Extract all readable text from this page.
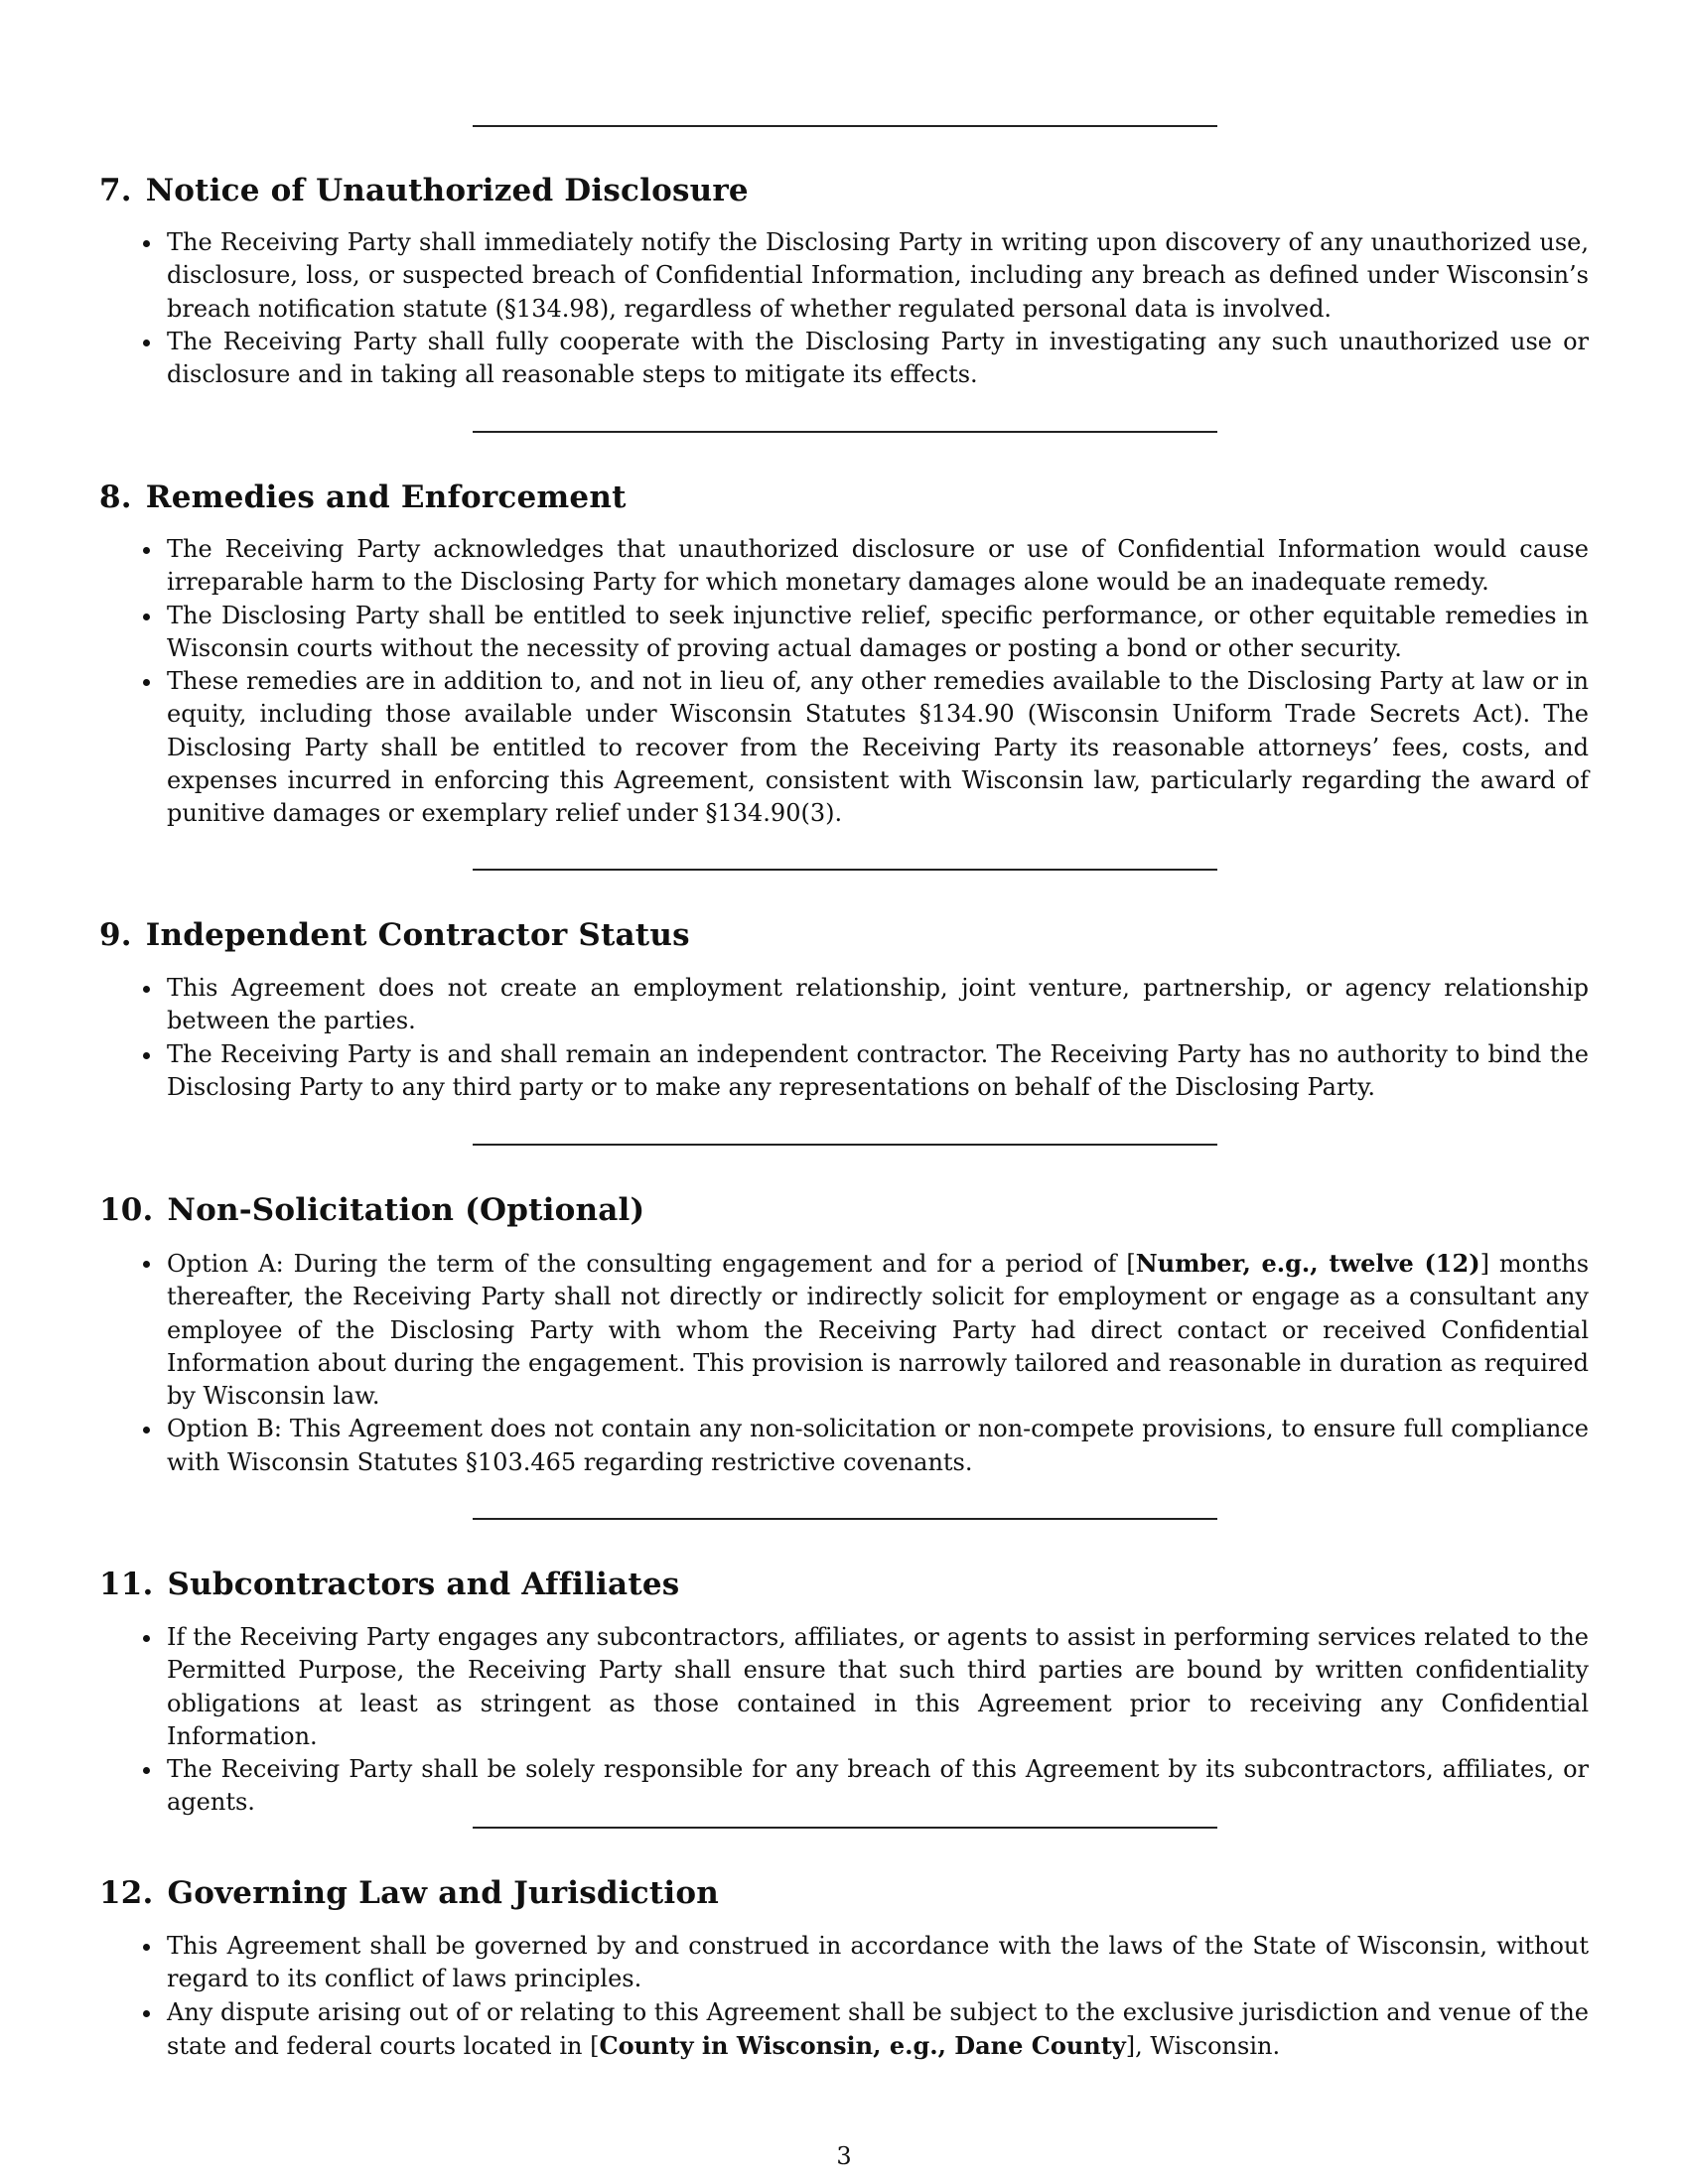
7. Notice of Unauthorized Disclosure
The Receiving Party shall immediately notify the Disclosing Party in writing upon discovery of any unauthorized use, disclosure, loss, or suspected breach of Confidential Information, including any breach as defined under Wisconsin’s breach notification statute (§134.98), regardless of whether regulated personal data is involved.
The Receiving Party shall fully cooperate with the Disclosing Party in investigating any such unauthorized use or disclosure and in taking all reasonable steps to mitigate its effects.
8. Remedies and Enforcement
The Receiving Party acknowledges that unauthorized disclosure or use of Confidential Information would cause irreparable harm to the Disclosing Party for which monetary damages alone would be an inadequate remedy.
The Disclosing Party shall be entitled to seek injunctive relief, specific performance, or other equitable remedies in Wisconsin courts without the necessity of proving actual damages or posting a bond or other security.
These remedies are in addition to, and not in lieu of, any other remedies available to the Disclosing Party at law or in equity, including those available under Wisconsin Statutes §134.90 (Wisconsin Uniform Trade Secrets Act). The Disclosing Party shall be entitled to recover from the Receiving Party its reasonable attorneys’ fees, costs, and expenses incurred in enforcing this Agreement, consistent with Wisconsin law, particularly regarding the award of punitive damages or exemplary relief under §134.90(3).
9. Independent Contractor Status
This Agreement does not create an employment relationship, joint venture, partnership, or agency relationship between the parties.
The Receiving Party is and shall remain an independent contractor. The Receiving Party has no authority to bind the Disclosing Party to any third party or to make any representations on behalf of the Disclosing Party.
10. Non-Solicitation (Optional)
Option A: During the term of the consulting engagement and for a period of [Number, e.g., twelve (12)] months thereafter, the Receiving Party shall not directly or indirectly solicit for employment or engage as a consultant any employee of the Disclosing Party with whom the Receiving Party had direct contact or received Confidential Information about during the engagement. This provision is narrowly tailored and reasonable in duration as required by Wisconsin law.
Option B: This Agreement does not contain any non-solicitation or non-compete provisions, to ensure full compliance with Wisconsin Statutes §103.465 regarding restrictive covenants.
11. Subcontractors and Affiliates
If the Receiving Party engages any subcontractors, affiliates, or agents to assist in performing services related to the Permitted Purpose, the Receiving Party shall ensure that such third parties are bound by written confidentiality obligations at least as stringent as those contained in this Agreement prior to receiving any Confidential Information.
The Receiving Party shall be solely responsible for any breach of this Agreement by its subcontractors, affiliates, or agents.
12. Governing Law and Jurisdiction
This Agreement shall be governed by and construed in accordance with the laws of the State of Wisconsin, without regard to its conflict of laws principles.
Any dispute arising out of or relating to this Agreement shall be subject to the exclusive jurisdiction and venue of the state and federal courts located in [County in Wisconsin, e.g., Dane County], Wisconsin.
3
